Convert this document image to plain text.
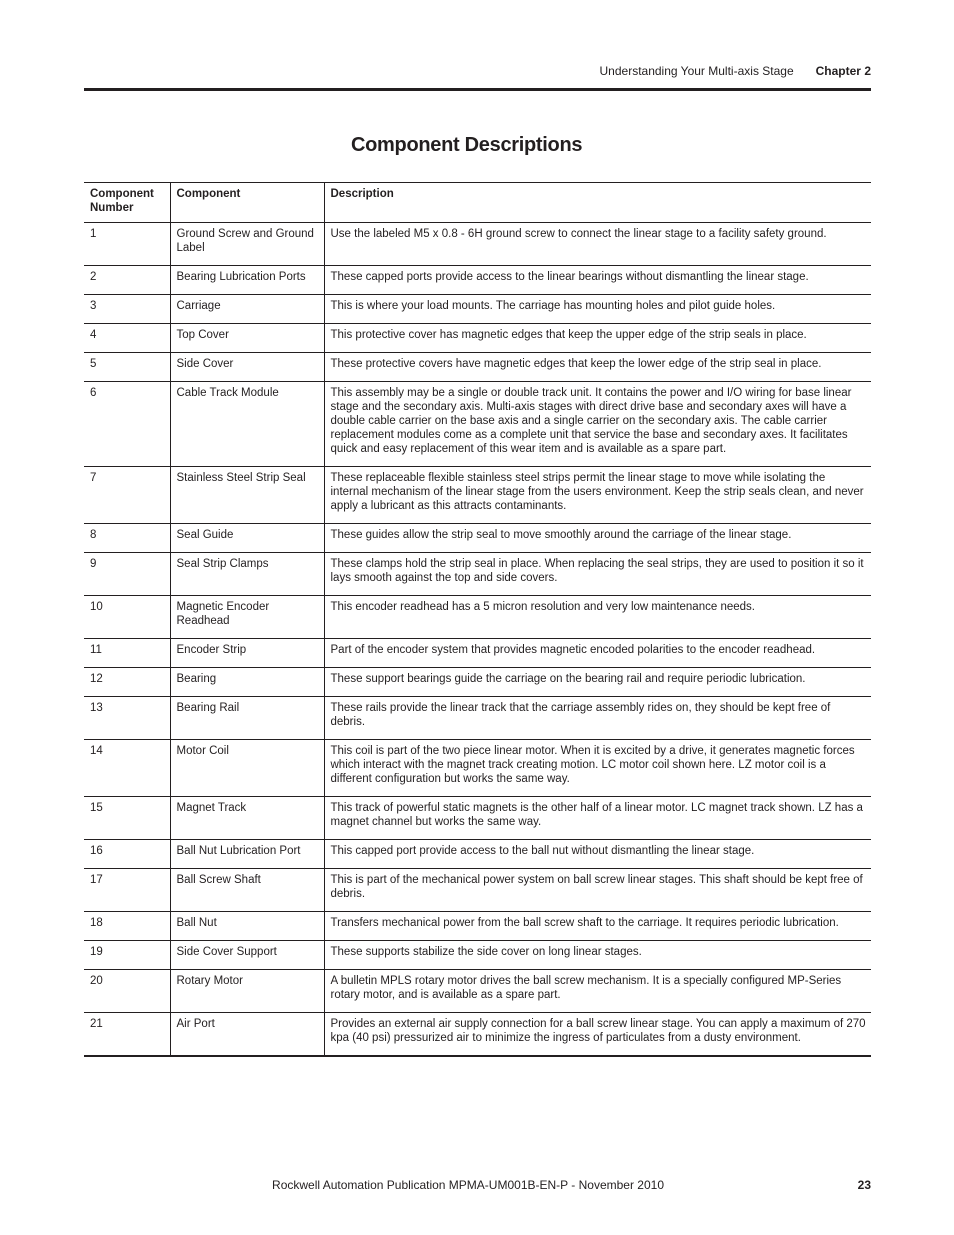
Understanding Your Multi-axis Stage Chapter 2
Component Descriptions
Component Number	Component	Description
1	Ground Screw and Ground Label	Use the labeled M5 x 0.8 - 6H ground screw to connect the linear stage to a facility safety ground.
2	Bearing Lubrication Ports	These capped ports provide access to the linear bearings without dismantling the linear stage.
3	Carriage	This is where your load mounts. The carriage has mounting holes and pilot guide holes.
4	Top Cover	This protective cover has magnetic edges that keep the upper edge of the strip seals in place.
5	Side Cover	These protective covers have magnetic edges that keep the lower edge of the strip seal in place.
6	Cable Track Module	This assembly may be a single or double track unit. It contains the power and I/O wiring for base linear stage and the secondary axis. Multi-axis stages with direct drive base and secondary axes will have a double cable carrier on the base axis and a single carrier on the secondary axis. The cable carrier replacement modules come as a complete unit that service the base and secondary axes. It facilitates quick and easy replacement of this wear item and is available as a spare part.
7	Stainless Steel Strip Seal	These replaceable flexible stainless steel strips permit the linear stage to move while isolating the internal mechanism of the linear stage from the users environment. Keep the strip seals clean, and never apply a lubricant as this attracts contaminants.
8	Seal Guide	These guides allow the strip seal to move smoothly around the carriage of the linear stage.
9	Seal Strip Clamps	These clamps hold the strip seal in place. When replacing the seal strips, they are used to position it so it lays smooth against the top and side covers.
10	Magnetic Encoder Readhead	This encoder readhead has a 5 micron resolution and very low maintenance needs.
11	Encoder Strip	Part of the encoder system that provides magnetic encoded polarities to the encoder readhead.
12	Bearing	These support bearings guide the carriage on the bearing rail and require periodic lubrication.
13	Bearing Rail	These rails provide the linear track that the carriage assembly rides on, they should be kept free of debris.
14	Motor Coil	This coil is part of the two piece linear motor. When it is excited by a drive, it generates magnetic forces which interact with the magnet track creating motion. LC motor coil shown here. LZ motor coil is a different configuration but works the same way.
15	Magnet Track	This track of powerful static magnets is the other half of a linear motor. LC magnet track shown. LZ has a magnet channel but works the same way.
16	Ball Nut Lubrication Port	This capped port provide access to the ball nut without dismantling the linear stage.
17	Ball Screw Shaft	This is part of the mechanical power system on ball screw linear stages. This shaft should be kept free of debris.
18	Ball Nut	Transfers mechanical power from the ball screw shaft to the carriage. It requires periodic lubrication.
19	Side Cover Support	These supports stabilize the side cover on long linear stages.
20	Rotary Motor	A bulletin MPLS rotary motor drives the ball screw mechanism. It is a specially configured MP-Series rotary motor, and is available as a spare part.
21	Air Port	Provides an external air supply connection for a ball screw linear stage. You can apply a maximum of 270 kpa (40 psi) pressurized air to minimize the ingress of particulates from a dusty environment.
Rockwell Automation Publication MPMA-UM001B-EN-P - November 2010	23
